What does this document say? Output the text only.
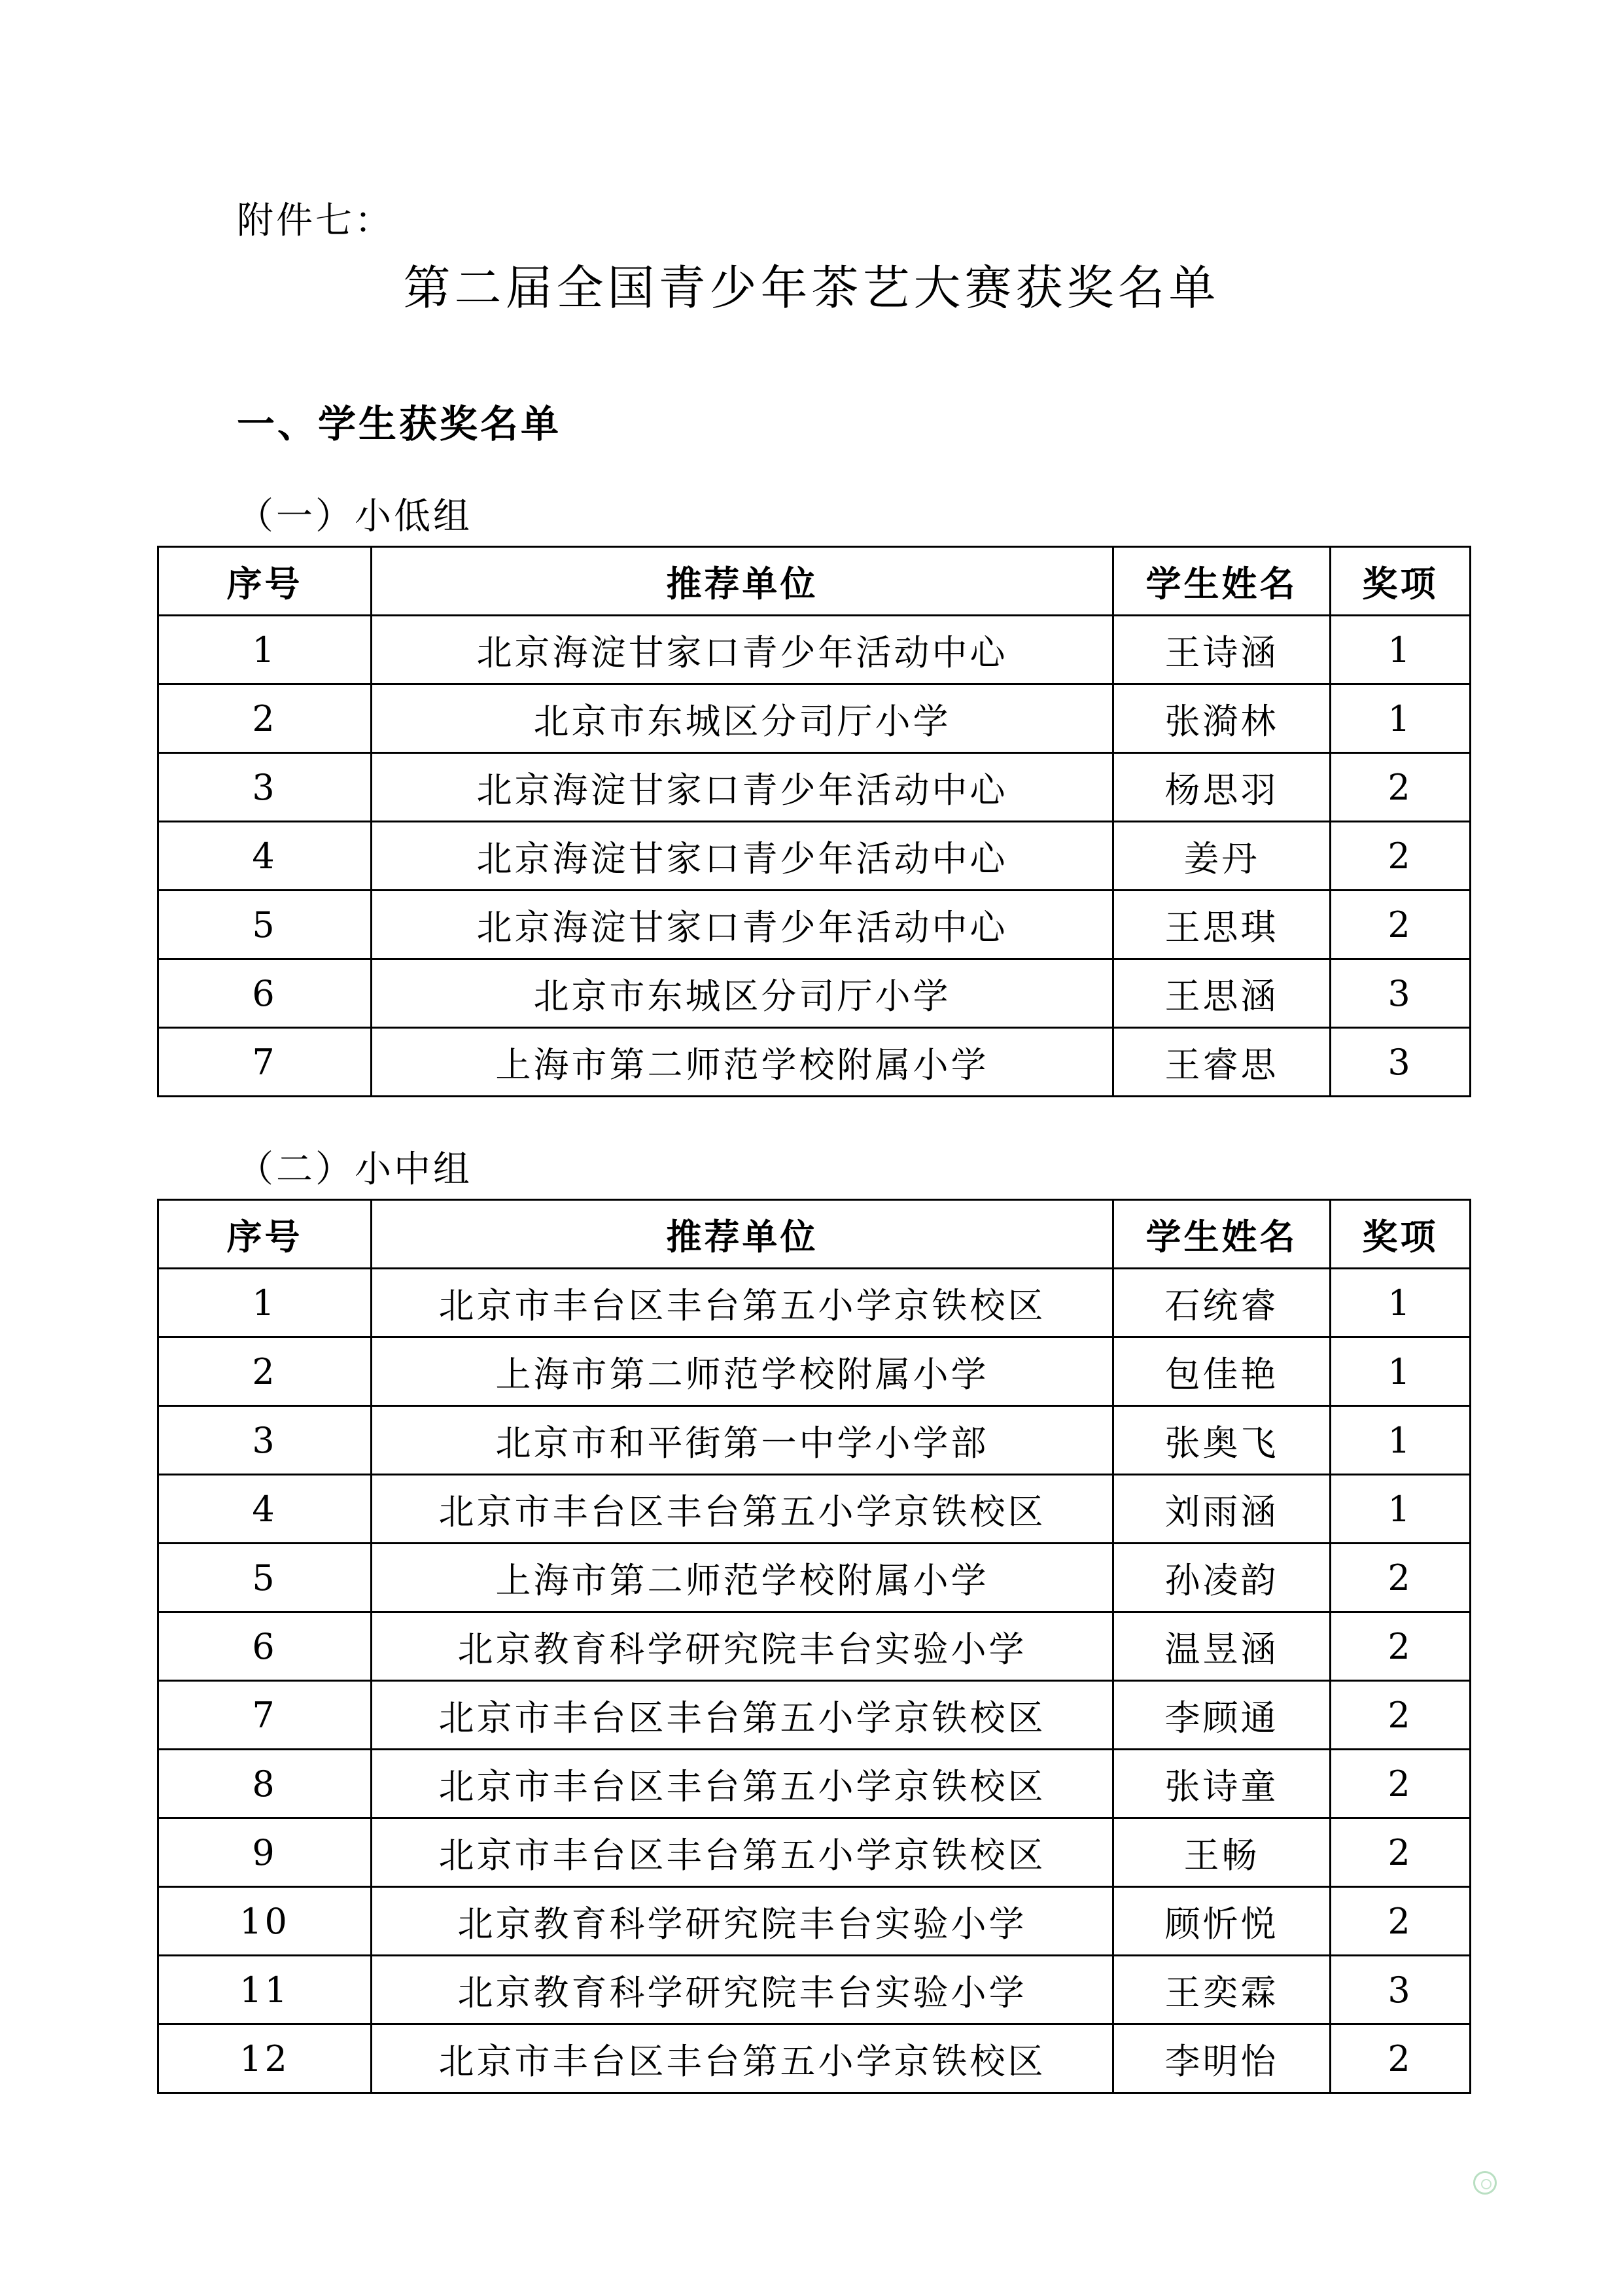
附件七：
第二届全国青少年茶艺大赛获奖名单
一、学生获奖名单
（一）小低组
序号	推荐单位	学生姓名	奖项
1	北京海淀甘家口青少年活动中心	王诗涵	1
2	北京市东城区分司厅小学	张漪林	1
3	北京海淀甘家口青少年活动中心	杨思羽	2
4	北京海淀甘家口青少年活动中心	姜丹	2
5	北京海淀甘家口青少年活动中心	王思琪	2
6	北京市东城区分司厅小学	王思涵	3
7	上海市第二师范学校附属小学	王睿思	3
（二）小中组
序号	推荐单位	学生姓名	奖项
1	北京市丰台区丰台第五小学京铁校区	石统睿	1
2	上海市第二师范学校附属小学	包佳艳	1
3	北京市和平街第一中学小学部	张奥飞	1
4	北京市丰台区丰台第五小学京铁校区	刘雨涵	1
5	上海市第二师范学校附属小学	孙凌韵	2
6	北京教育科学研究院丰台实验小学	温昱涵	2
7	北京市丰台区丰台第五小学京铁校区	李顾通	2
8	北京市丰台区丰台第五小学京铁校区	张诗童	2
9	北京市丰台区丰台第五小学京铁校区	王畅	2
10	北京教育科学研究院丰台实验小学	顾忻悦	2
11	北京教育科学研究院丰台实验小学	王奕霖	3
12	北京市丰台区丰台第五小学京铁校区	李明怡	2
